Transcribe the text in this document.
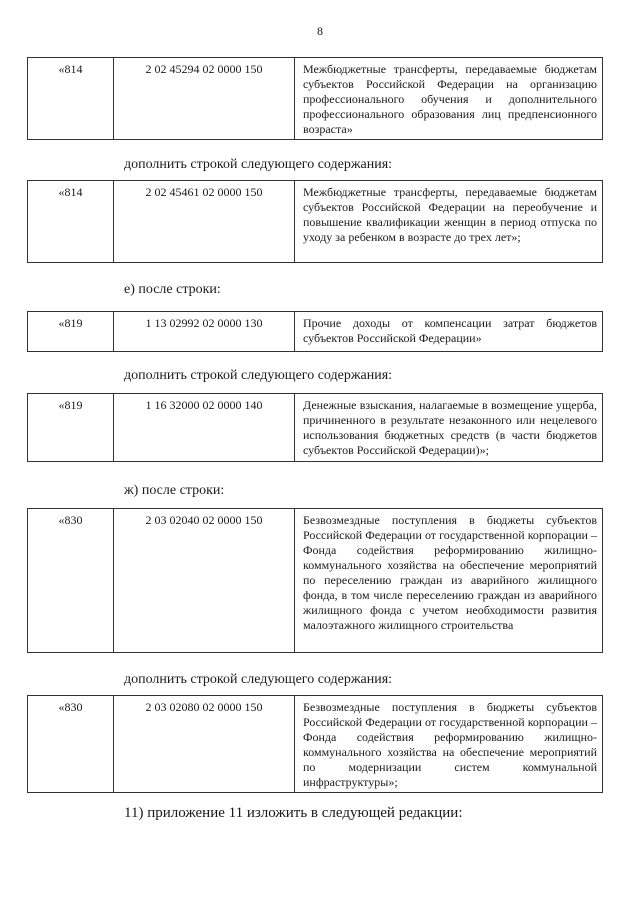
8
«814	2 02 45294 02 0000 150	Межбюджетные трансферты, передаваемые бюджетам субъектов Российской Федерации на организацию профессионального обучения и дополнительного профессионального образования лиц предпенсионного возраста»
дополнить строкой следующего содержания:
«814	2 02 45461 02 0000 150	Межбюджетные трансферты, передаваемые бюджетам субъектов Российской Федерации на переобучение и повышение квалификации женщин в период отпуска по уходу за ребенком в возрасте до трех лет»;
е) после строки:
«819	1 13 02992 02 0000 130	Прочие доходы от компенсации затрат бюджетов субъектов Российской Федерации»
дополнить строкой следующего содержания:
«819	1 16 32000 02 0000 140	Денежные взыскания, налагаемые в возмещение ущерба, причиненного в результате незаконного или нецелевого использования бюджетных средств (в части бюджетов субъектов Российской Федерации)»;
ж) после строки:
«830	2 03 02040 02 0000 150	Безвозмездные поступления в бюджеты субъектов Российской Федерации от государственной корпорации – Фонда содействия реформированию жилищно-коммунального хозяйства на обеспечение мероприятий по переселению граждан из аварийного жилищного фонда, в том числе переселению граждан из аварийного жилищного фонда с учетом необходимости развития малоэтажного жилищного строительства
дополнить строкой следующего содержания:
«830	2 03 02080 02 0000 150	Безвозмездные поступления в бюджеты субъектов Российской Федерации от государственной корпорации – Фонда содействия реформированию жилищно-коммунального хозяйства на обеспечение мероприятий по модернизации систем коммунальной инфраструктуры»;
11) приложение 11 изложить в следующей редакции:
